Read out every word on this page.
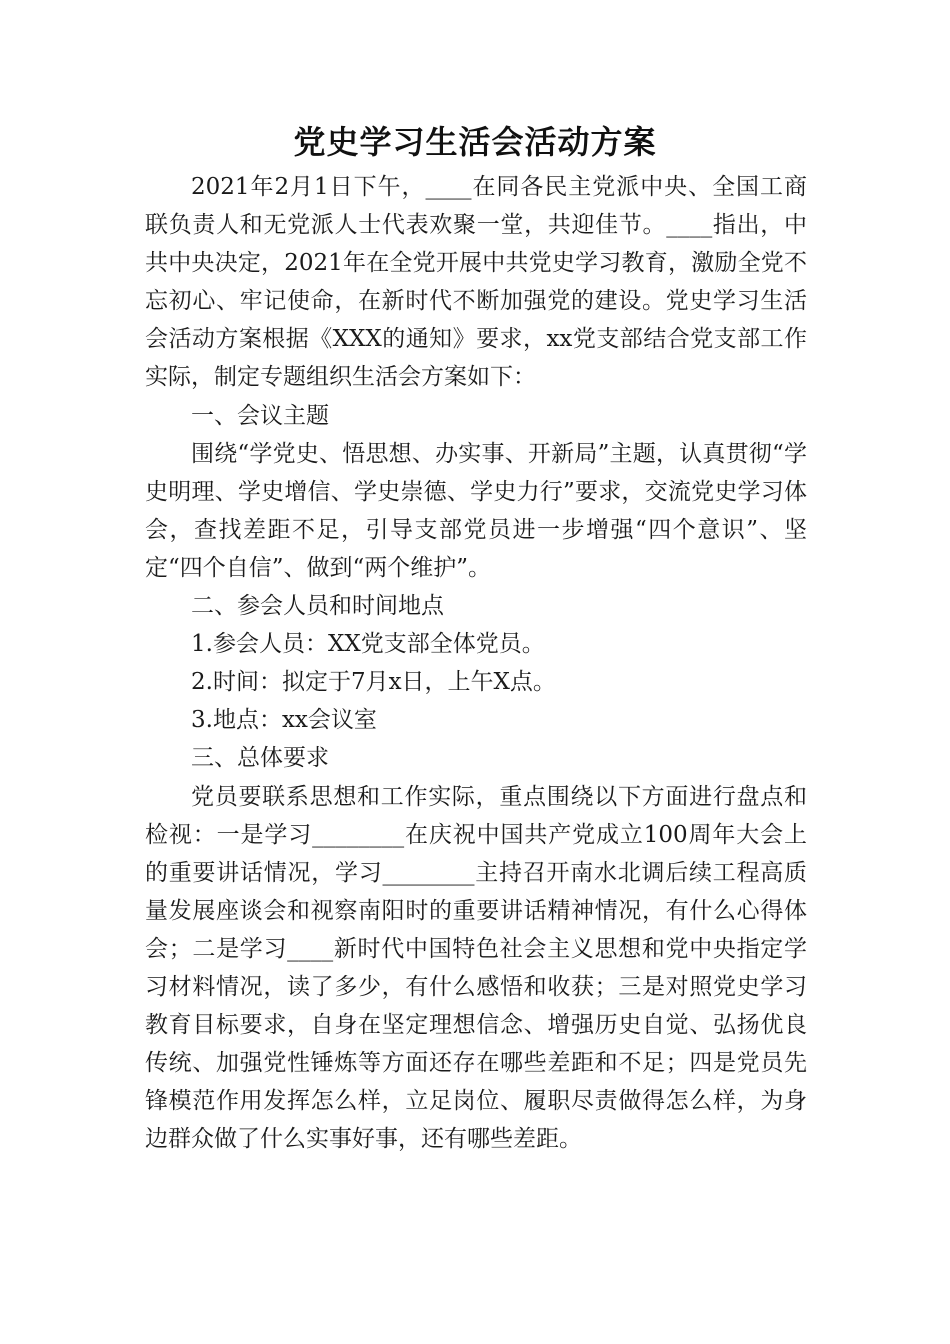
党史学习生活会活动方案

2021年2月1日下午，____在同各民主党派中央、全国工商联负责人和无党派人士代表欢聚一堂，共迎佳节。____指出，中共中央决定，2021年在全党开展中共党史学习教育，激励全党不忘初心、牢记使命，在新时代不断加强党的建设。党史学习生活会活动方案根据《XXX的通知》要求，xx党支部结合党支部工作实际，制定专题组织生活会方案如下：

一、会议主题

围绕“学党史、悟思想、办实事、开新局”主题，认真贯彻“学史明理、学史增信、学史崇德、学史力行”要求，交流党史学习体会，查找差距不足，引导支部党员进一步增强“四个意识”、坚定“四个自信”、做到“两个维护”。

二、参会人员和时间地点

1.参会人员：XX党支部全体党员。

2.时间：拟定于7月x日，上午X点。

3.地点：xx会议室

三、总体要求

党员要联系思想和工作实际，重点围绕以下方面进行盘点和检视：一是学习________在庆祝中国共产党成立100周年大会上的重要讲话情况，学习________主持召开南水北调后续工程高质量发展座谈会和视察南阳时的重要讲话精神情况，有什么心得体会；二是学习____新时代中国特色社会主义思想和党中央指定学习材料情况，读了多少，有什么感悟和收获；三是对照党史学习教育目标要求，自身在坚定理想信念、增强历史自觉、弘扬优良传统、加强党性锤炼等方面还存在哪些差距和不足；四是党员先锋模范作用发挥怎么样，立足岗位、履职尽责做得怎么样，为身边群众做了什么实事好事，还有哪些差距。
